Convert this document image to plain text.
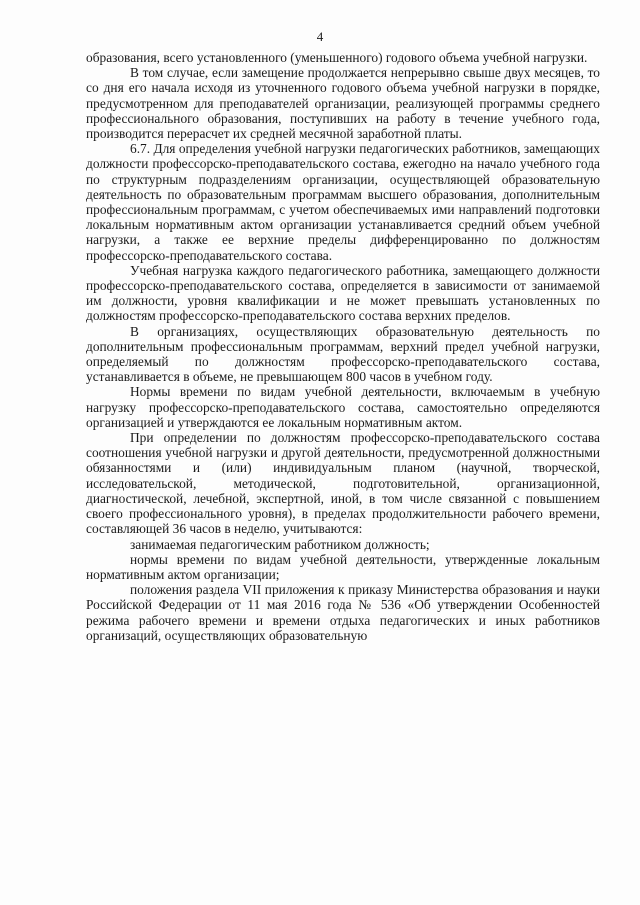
4

образования, всего установленного (уменьшенного) годового объема учебной нагрузки.

В том случае, если замещение продолжается непрерывно свыше двух месяцев, то со дня его начала исходя из уточненного годового объема учебной нагрузки в порядке, предусмотренном для преподавателей организации, реализующей программы среднего профессионального образования, поступивших на работу в течение учебного года, производится перерасчет их средней месячной заработной платы.

6.7. Для определения учебной нагрузки педагогических работников, замещающих должности профессорско-преподавательского состава, ежегодно на начало учебного года по структурным подразделениям организации, осуществляющей образовательную деятельность по образовательным программам высшего образования, дополнительным профессиональным программам, с учетом обеспечиваемых ими направлений подготовки локальным нормативным актом организации устанавливается средний объем учебной нагрузки, а также ее верхние пределы дифференцированно по должностям профессорско-преподавательского состава.

Учебная нагрузка каждого педагогического работника, замещающего должности профессорско-преподавательского состава, определяется в зависимости от занимаемой им должности, уровня квалификации и не может превышать установленных по должностям профессорско-преподавательского состава верхних пределов.

В организациях, осуществляющих образовательную деятельность по дополнительным профессиональным программам, верхний предел учебной нагрузки, определяемый по должностям профессорско-преподавательского состава, устанавливается в объеме, не превышающем 800 часов в учебном году.

Нормы времени по видам учебной деятельности, включаемым в учебную нагрузку профессорско-преподавательского состава, самостоятельно определяются организацией и утверждаются ее локальным нормативным актом.

При определении по должностям профессорско-преподавательского состава соотношения учебной нагрузки и другой деятельности, предусмотренной должностными обязанностями и (или) индивидуальным планом (научной, творческой, исследовательской, методической, подготовительной, организационной, диагностической, лечебной, экспертной, иной, в том числе связанной с повышением своего профессионального уровня), в пределах продолжительности рабочего времени, составляющей 36 часов в неделю, учитываются:

занимаемая педагогическим работником должность;

нормы времени по видам учебной деятельности, утвержденные локальным нормативным актом организации;

положения раздела VII приложения к приказу Министерства образования и науки Российской Федерации от 11 мая 2016 года № 536 «Об утверждении Особенностей режима рабочего времени и времени отдыха педагогических и иных работников организаций, осуществляющих образовательную
